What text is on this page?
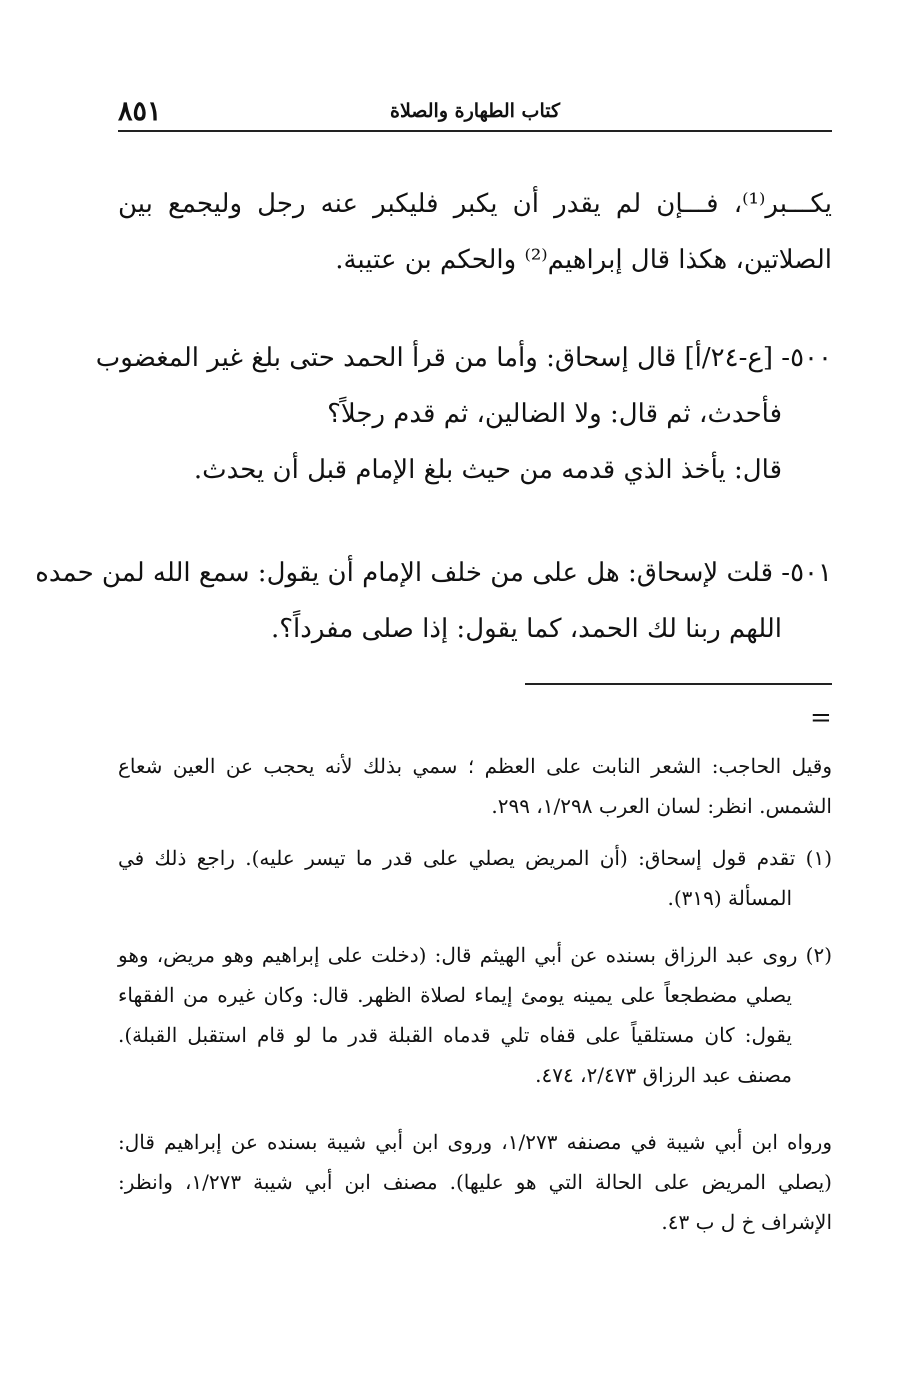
٨٥١	كتاب الطهارة والصلاة
يكـــبر⁽¹⁾، فـــإن لم يقدر أن يكبر فليكبر عنه رجل وليجمع بين
الصلاتين، هكذا قال إبراهيم⁽²⁾ والحكم بن عتيبة.
٥٠٠- [ع-٢٤/أ] قال إسحاق: وأما من قرأ الحمد حتى بلغ غير المغضوب
فأحدث، ثم قال: ولا الضالين، ثم قدم رجلاً؟
قال: يأخذ الذي قدمه من حيث بلغ الإمام قبل أن يحدث.
٥٠١- قلت لإسحاق: هل على من خلف الإمام أن يقول: سمع الله لمن حمده
اللهم ربنا لك الحمد، كما يقول: إذا صلى مفرداً؟.
=
وقيل الحاجب: الشعر النابت على العظم ؛ سمي بذلك لأنه يحجب عن العين شعاع
الشمس. انظر: لسان العرب ١/٢٩٨، ٢٩٩.
(١) تقدم قول إسحاق: (أن المريض يصلي على قدر ما تيسر عليه). راجع ذلك في
المسألة (٣١٩).
(٢) روى عبد الرزاق بسنده عن أبي الهيثم قال: (دخلت على إبراهيم وهو مريض، وهو
يصلي مضطجعاً على يمينه يومئ إيماء لصلاة الظهر. قال: وكان غيره من الفقهاء
يقول: كان مستلقياً على قفاه تلي قدماه القبلة قدر ما لو قام استقبل القبلة).
مصنف عبد الرزاق ٢/٤٧٣، ٤٧٤.
ورواه ابن أبي شيبة في مصنفه ١/٢٧٣، وروى ابن أبي شيبة بسنده عن إبراهيم قال:
(يصلي المريض على الحالة التي هو عليها). مصنف ابن أبي شيبة ١/٢٧٣، وانظر:
الإشراف خ ل ب ٤٣.
